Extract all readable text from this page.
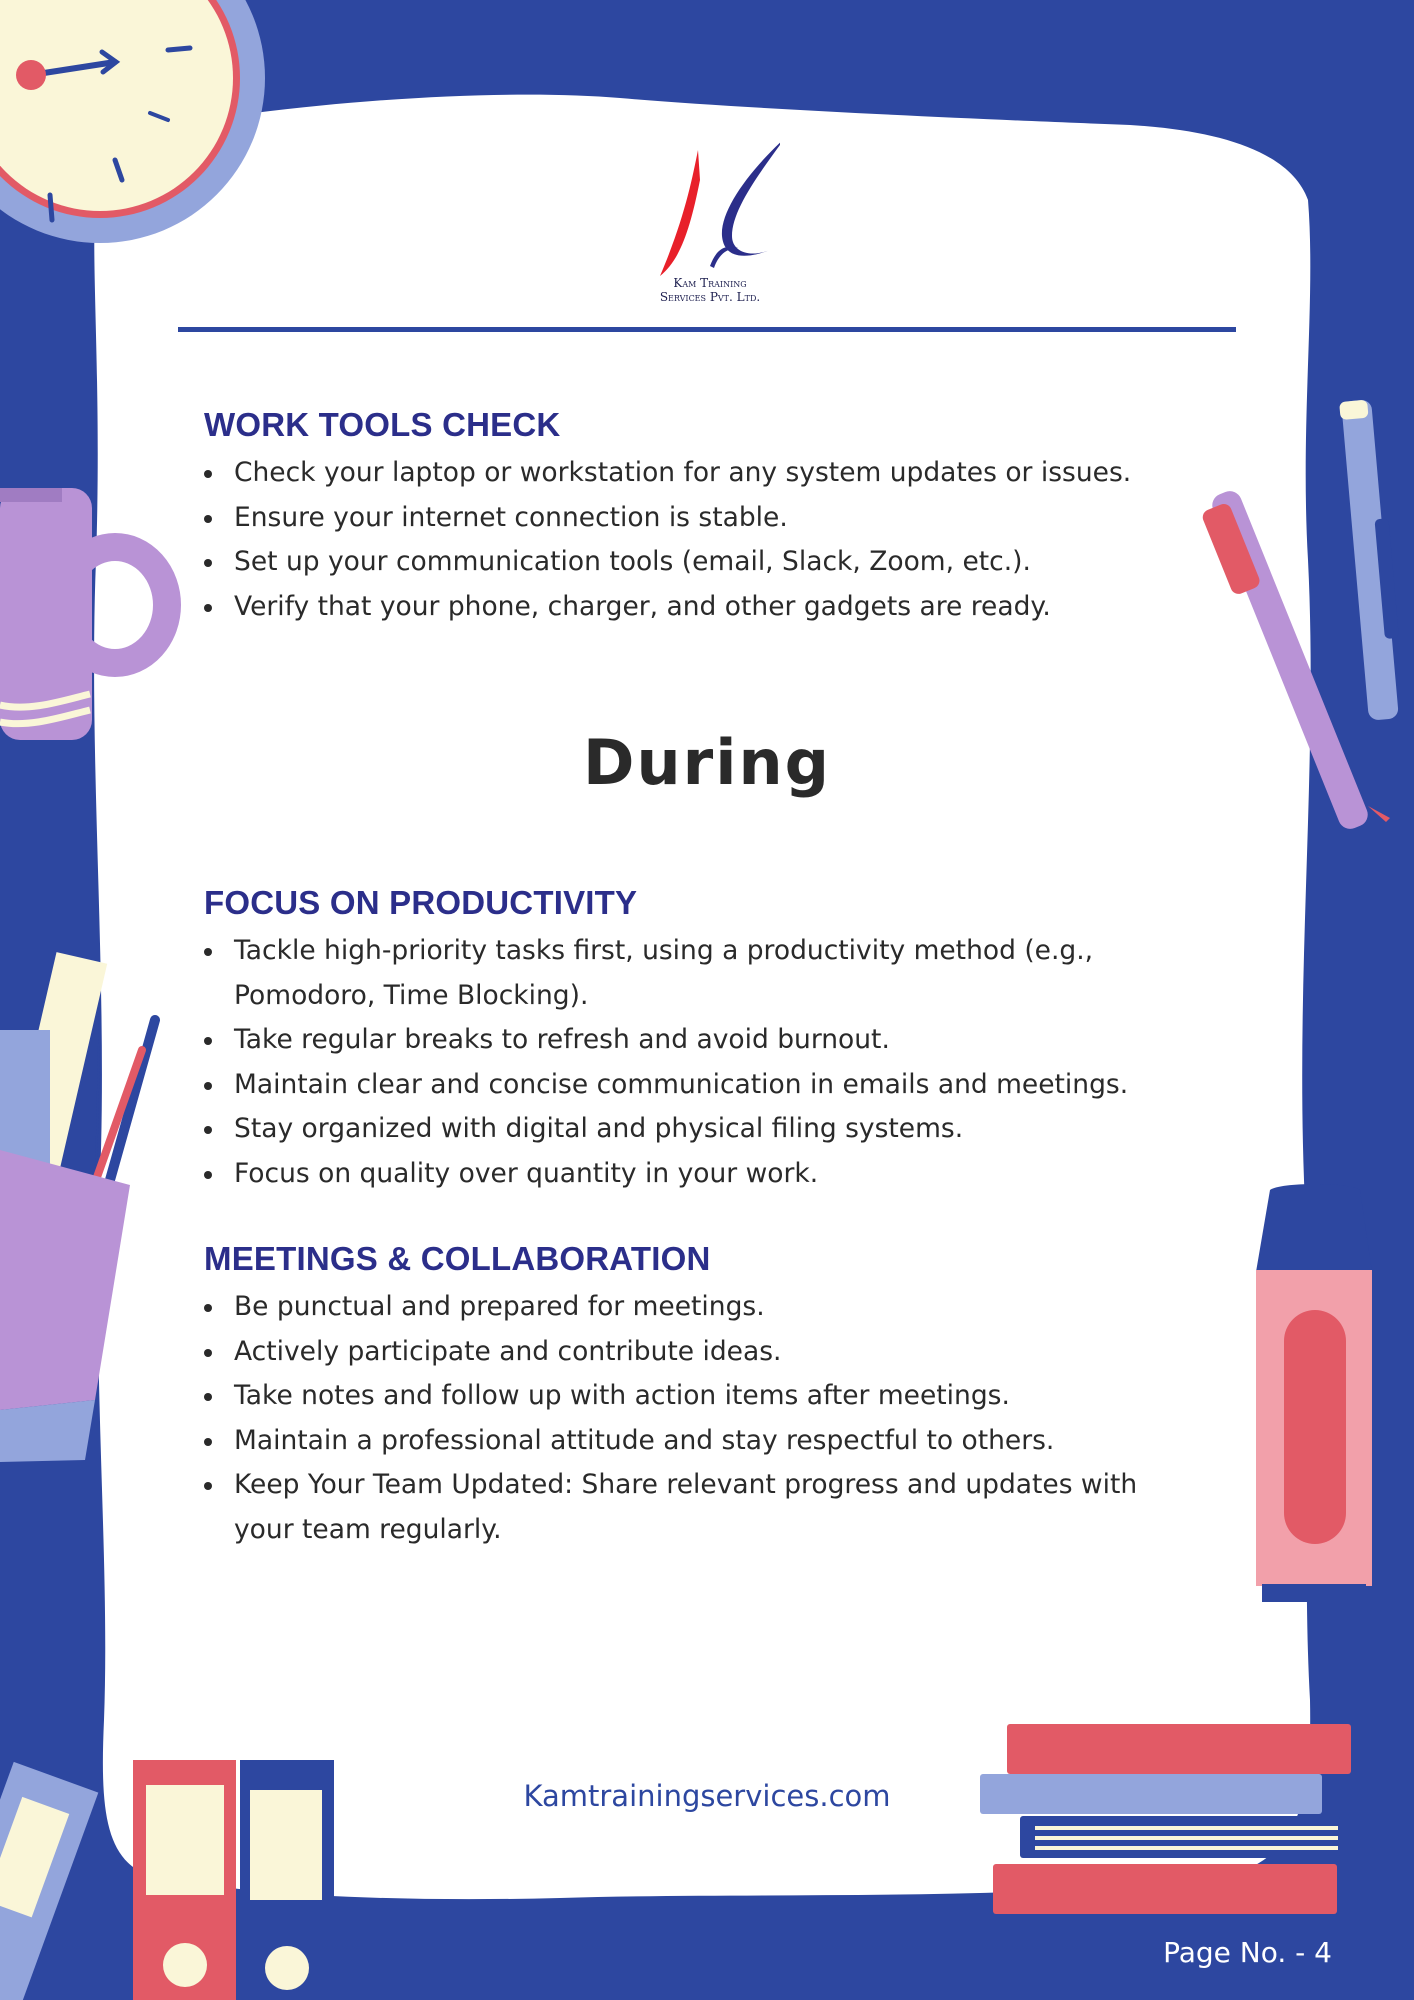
Kam Training
Services Pvt. Ltd.
WORK TOOLS CHECK
Check your laptop or workstation for any system updates or issues.
Ensure your internet connection is stable.
Set up your communication tools (email, Slack, Zoom, etc.).
Verify that your phone, charger, and other gadgets are ready.
During
FOCUS ON PRODUCTIVITY
Tackle high-priority tasks first, using a productivity method (e.g., Pomodoro, Time Blocking).
Take regular breaks to refresh and avoid burnout.
Maintain clear and concise communication in emails and meetings.
Stay organized with digital and physical filing systems.
Focus on quality over quantity in your work.
MEETINGS & COLLABORATION
Be punctual and prepared for meetings.
Actively participate and contribute ideas.
Take notes and follow up with action items after meetings.
Maintain a professional attitude and stay respectful to others.
Keep Your Team Updated: Share relevant progress and updates with your team regularly.
Kamtrainingservices.com
Page No. - 4
